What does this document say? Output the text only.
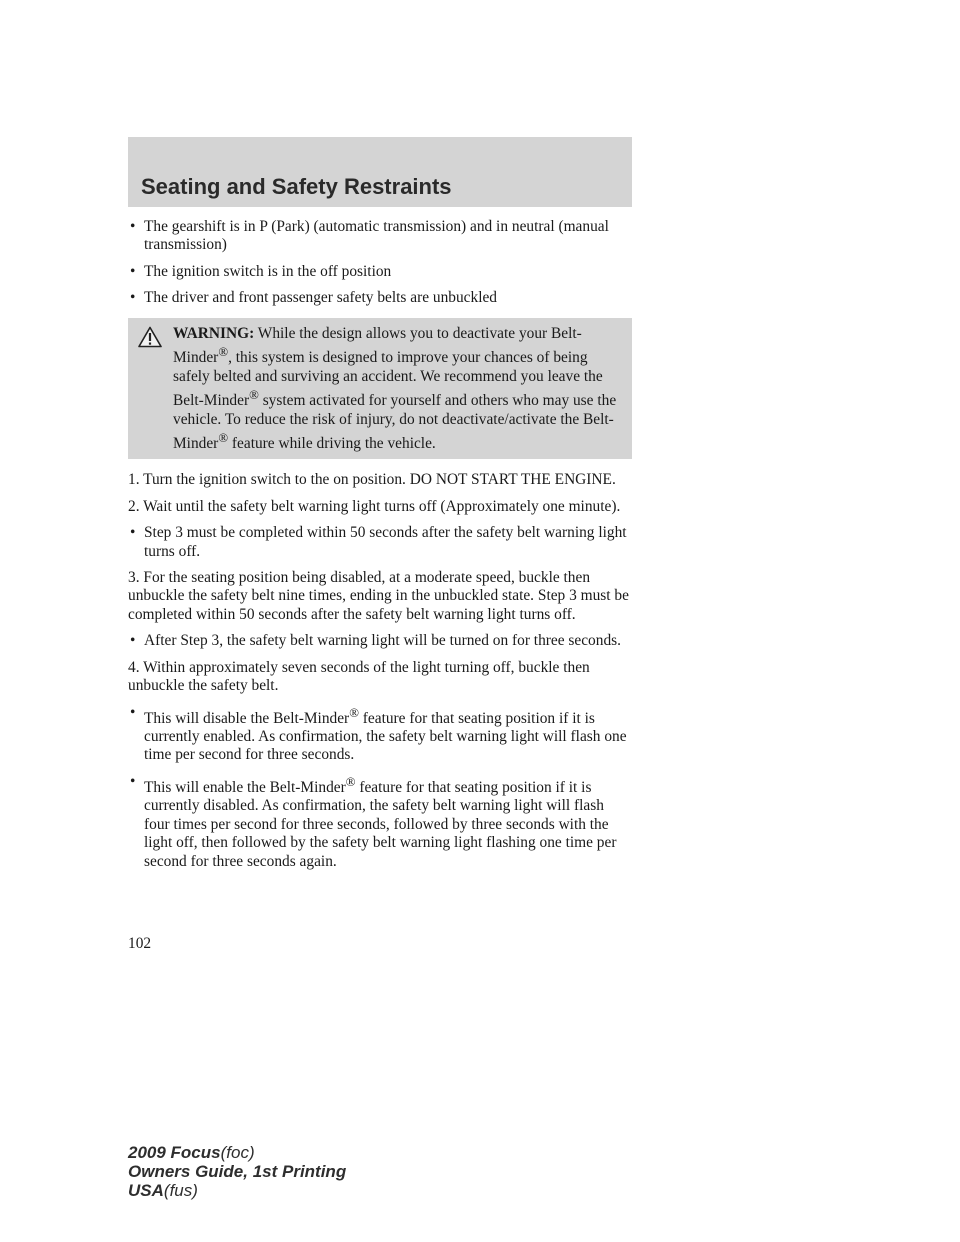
Seating and Safety Restraints
• The gearshift is in P (Park) (automatic transmission) and in neutral (manual transmission)
• The ignition switch is in the off position
• The driver and front passenger safety belts are unbuckled
WARNING: While the design allows you to deactivate your Belt-Minder®, this system is designed to improve your chances of being safely belted and surviving an accident. We recommend you leave the Belt-Minder® system activated for yourself and others who may use the vehicle. To reduce the risk of injury, do not deactivate/activate the Belt-Minder® feature while driving the vehicle.

1. Turn the ignition switch to the on position. DO NOT START THE ENGINE.

2. Wait until the safety belt warning light turns off (Approximately one minute).

• Step 3 must be completed within 50 seconds after the safety belt warning light turns off.

3. For the seating position being disabled, at a moderate speed, buckle then unbuckle the safety belt nine times, ending in the unbuckled state. Step 3 must be completed within 50 seconds after the safety belt warning light turns off.

• After Step 3, the safety belt warning light will be turned on for three seconds.

4. Within approximately seven seconds of the light turning off, buckle then unbuckle the safety belt.

• This will disable the Belt-Minder® feature for that seating position if it is currently enabled. As confirmation, the safety belt warning light will flash one time per second for three seconds.
• This will enable the Belt-Minder® feature for that seating position if it is currently disabled. As confirmation, the safety belt warning light will flash four times per second for three seconds, followed by three seconds with the light off, then followed by the safety belt warning light flashing one time per second for three seconds again.
102
2009 Focus(foc)
Owners Guide, 1st Printing
USA(fus)
